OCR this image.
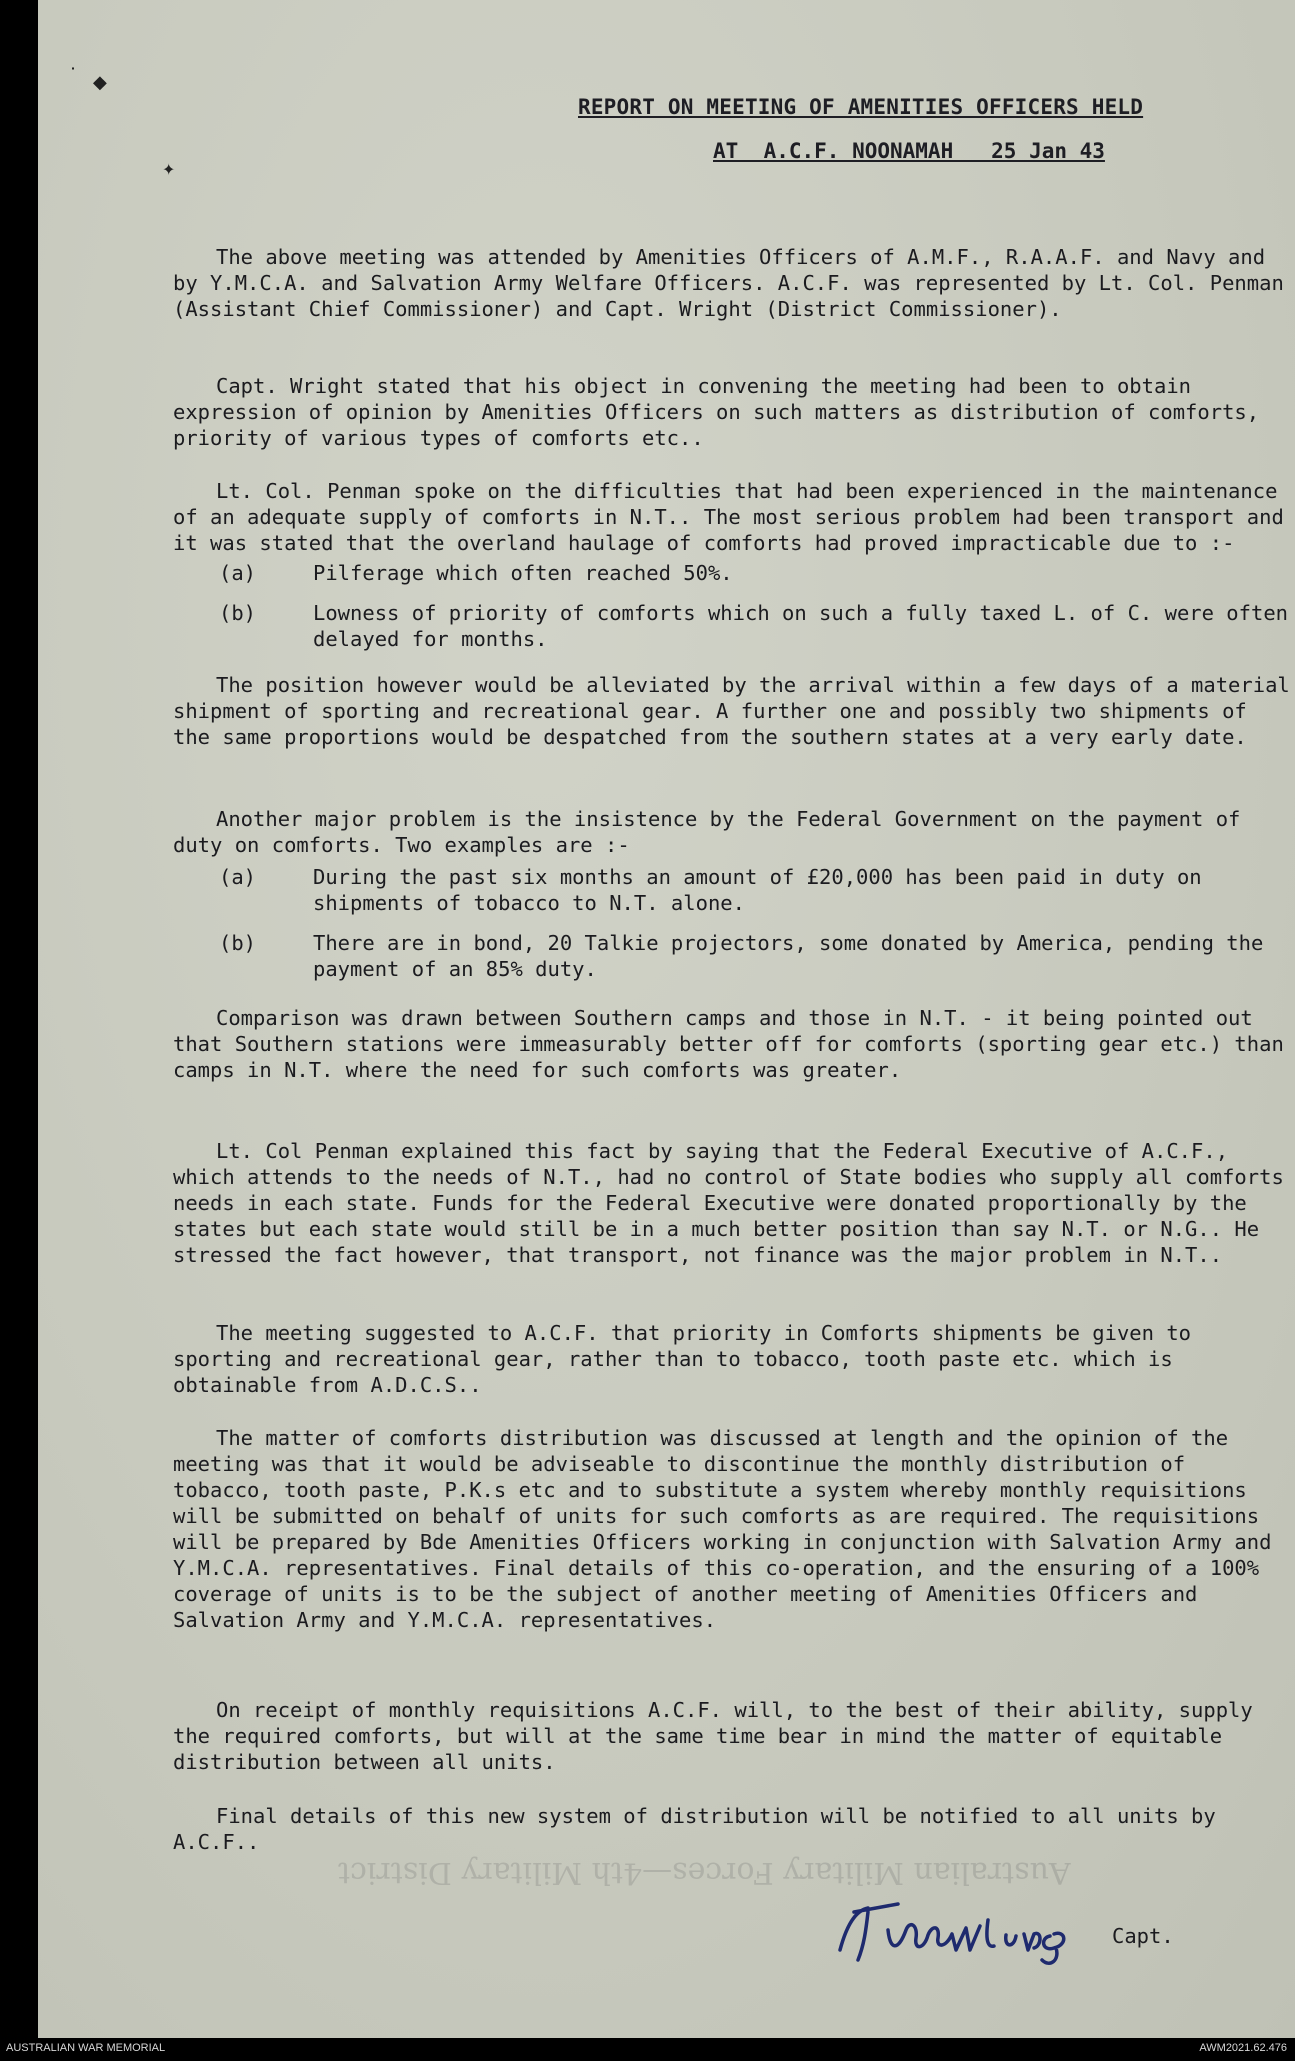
˙ ◆
✦
REPORT ON MEETING OF AMENITIES OFFICERS HELD
AT  A.C.F. NOONAMAH   25 Jan 43

The above meeting was attended by Amenities Officers of A.M.F., R.A.A.F. and Navy and by Y.M.C.A. and Salvation Army Welfare Officers. A.C.F. was represented by Lt. Col. Penman (Assistant Chief Commissioner) and Capt. Wright (District Commissioner).

Capt. Wright stated that his object in convening the meeting had been to obtain expression of opinion by Amenities Officers on such matters as distribution of comforts, priority of various types of comforts etc..

Lt. Col. Penman spoke on the difficulties that had been experienced in the maintenance of an adequate supply of comforts in N.T.. The most serious problem had been transport and it was stated that the overland haulage of comforts had proved impracticable due to :-

(a)	Pilferage which often reached 50%.
(b)	Lowness of priority of comforts which on such a fully taxed L. of C. were often delayed for months.

The position however would be alleviated by the arrival within a few days of a material shipment of sporting and recreational gear. A further one and possibly two shipments of the same proportions would be despatched from the southern states at a very early date.

Another major problem is the insistence by the Federal Government on the payment of duty on comforts. Two examples are :-

(a)	During the past six months an amount of £20,000 has been paid in duty on shipments of tobacco to N.T. alone.
(b)	There are in bond, 20 Talkie projectors, some donated by America, pending the payment of an 85% duty.

Comparison was drawn between Southern camps and those in N.T. - it being pointed out that Southern stations were immeasurably better off for comforts (sporting gear etc.) than camps in N.T. where the need for such comforts was greater.

Lt. Col Penman explained this fact by saying that the Federal Executive of A.C.F., which attends to the needs of N.T., had no control of State bodies who supply all comforts needs in each state. Funds for the Federal Executive were donated proportionally by the states but each state would still be in a much better position than say N.T. or N.G.. He stressed the fact however, that transport, not finance was the major problem in N.T..

The meeting suggested to A.C.F. that priority in Comforts shipments be given to sporting and recreational gear, rather than to tobacco, tooth paste etc. which is obtainable from A.D.C.S..

The matter of comforts distribution was discussed at length and the opinion of the meeting was that it would be adviseable to discontinue the monthly distribution of tobacco, tooth paste, P.K.s etc and to substitute a system whereby monthly requisitions will be submitted on behalf of units for such comforts as are required. The requisitions will be prepared by Bde Amenities Officers working in conjunction with Salvation Army and Y.M.C.A. representatives. Final details of this co-operation, and the ensuring of a 100% coverage of units is to be the subject of another meeting of Amenities Officers and Salvation Army and Y.M.C.A. representatives.

On receipt of monthly requisitions A.C.F. will, to the best of their ability, supply the required comforts, but will at the same time bear in mind the matter of equitable distribution between all units.

Final details of this new system of distribution will be notified to all units by A.C.F..

Australian Military Forces—4th Military District
Capt.
AUSTRALIAN WAR MEMORIAL	AWM2021.62.476
